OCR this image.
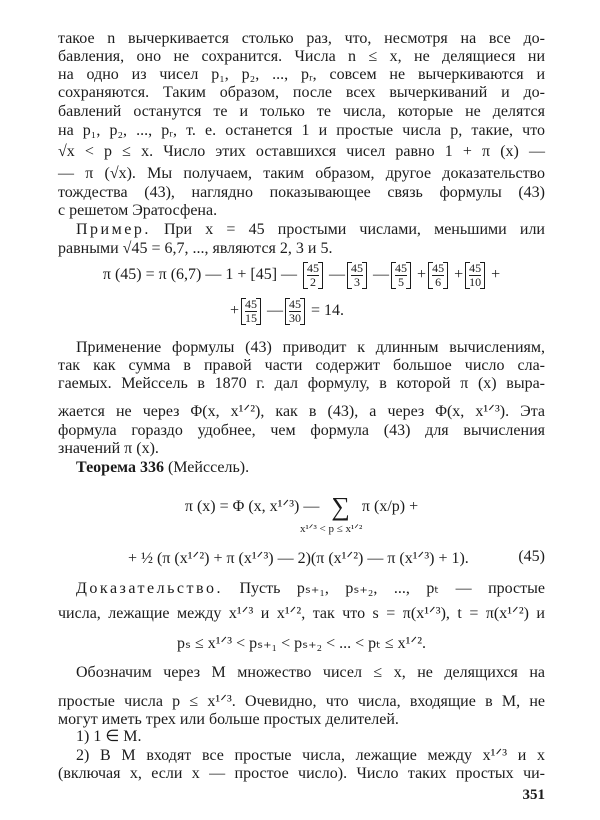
такое n вычеркивается столько раз, что, несмотря на все до-
бавления, оно не сохранится. Числа n ≤ x, не делящиеся ни
на одно из чисел p₁, p₂, ..., pᵣ, совсем не вычеркиваются и
сохраняются. Таким образом, после всех вычеркиваний и до-
бавлений останутся те и только те числа, которые не делятся
на p₁, p₂, ..., pᵣ, т. е. останется 1 и простые числа p, такие, что
√x < p ≤ x. Число этих оставшихся чисел равно 1 + π (x) —
— π (√x). Мы получаем, таким образом, другое доказательство
тождества (43), наглядно показывающее связь формулы (43)
с решетом Эратосфена.
Пример. При x = 45 простыми числами, меньшими или
равными √45 = 6,7, ..., являются 2, 3 и 5.
π (45) = π (6,7) — 1 + [45] — $\frac{45}{2}$ — $\frac{45}{3}$ — $\frac{45}{5} + \frac{45}{6} + \frac{45}{10}$ +
+ $\frac{45}{15}$ — $\frac{45}{30} = 14$.
Применение формулы (43) приводит к длинным вычислениям,
так как сумма в правой части содержит большое число сла-
гаемых. Мейссель в 1870 г. дал формулу, в которой π (x) выра-
жается не через Φ(x, x¹ᐟ²), как в (43), а через Φ(x, x¹ᐟ³). Эта
формула гораздо удобнее, чем формула (43) для вычисления
значений π (x).
Теорема 336 (Мейссель).
π (x) = Φ (x, x¹ᐟ³) — ∑ π (x/p) +
x¹ᐟ³ < p ≤ x¹ᐟ²
+ ½ (π (x¹ᐟ²) + π (x¹ᐟ³) — 2)(π (x¹ᐟ²) — π (x¹ᐟ³) + 1).	(45)
Доказательство. Пусть pₛ₊₁, pₛ₊₂, ..., pₜ — простые
числа, лежащие между x¹ᐟ³ и x¹ᐟ², так что s = π(x¹ᐟ³), t = π(x¹ᐟ²) и
pₛ ≤ x¹ᐟ³ < pₛ₊₁ < pₛ₊₂ < ... < pₜ ≤ x¹ᐟ².
Обозначим через M множество чисел ≤ x, не делящихся на
простые числа p ≤ x¹ᐟ³. Очевидно, что числа, входящие в M, не
могут иметь трех или больше простых делителей.
1) 1 ∈ M.
2) В M входят все простые числа, лежащие между x¹ᐟ³ и x
(включая x, если x — простое число). Число таких простых чи-
351
